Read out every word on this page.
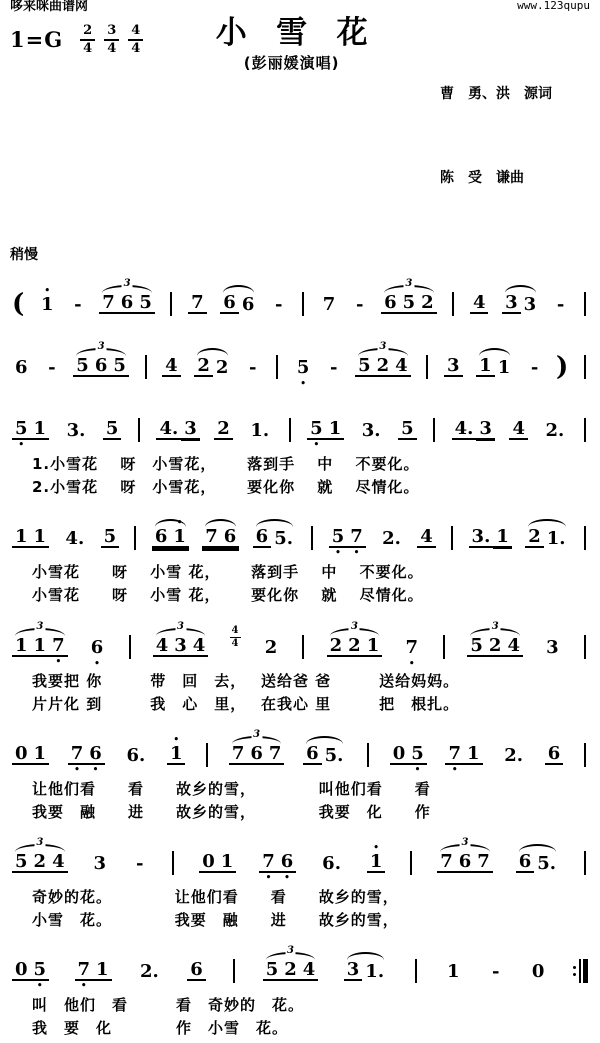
哆来咪曲谱网	www.123qupu
$1=G \frac{2}{4} \frac{3}{4} \frac{4}{4}$	小雪花
(彭丽媛演唱)

曹　勇、洪　源词

陈　受　谦曲

稍慢
( • 1 -
3
7 6 5 7 6 6 - 7 -
3
6 5 2 4 3 3 -
6 -
3
5 6 5 4 2 2 - 5 • -
3
5 2 4 3 1 1 - )
5 • 1 3. 5 4. 3 2 1. 5 • 1 3. 5 4. 3 4 2.
1.小雪花　 呀　小雪花，　 　落到手　 中　 不要化。
2.小雪花　 呀　小雪花，　 　要化你　 就　 尽情化。
1 1 4. 5 6 • 1 7 6 6 5. 5 • 7 • 2. 4 3. 1 2 1.
小雪花　　呀　 小雪 花，　 　落到手　 中　 不要化。
小雪花　　呀　 小雪 花，　 　要化你　 就　 尽情化。
3
1 1 7 • 6 •
3
4 3 4	$\frac{4}{4} 2$
3
2 2 1 7 •
3
5 2 4 3
我要把 你　　　带　回　去，　 送给爸 爸　　　送给妈妈。
片片化 到　　　我　心　里，　 在我心 里　　　把　根扎。
0 1 7 • 6 • 6. • 1
3
7 6 7 6 5.	0 5 • 7 • 1 2. 6
让他们看　　看　　故乡的雪，　　　 　叫他们看　　看
我要　融　　进　　故乡的雪，　　　 　我要　化　　作
3
5 2 4 3 -	0 1 7 • 6 • 6. • 1
3
7 6 7 6 5.
奇妙的花。　　　　 让他们看　　看　　故乡的雪，
小雪　花。　　　　 我要　融　　进　　故乡的雪，
0 5 • 7 • 1 2. 6
3
5 2 4 3 1.	1 - 0
叫　他们　看　　　看　奇妙的　花。
我　要　化　　　　作　小雪　花。
